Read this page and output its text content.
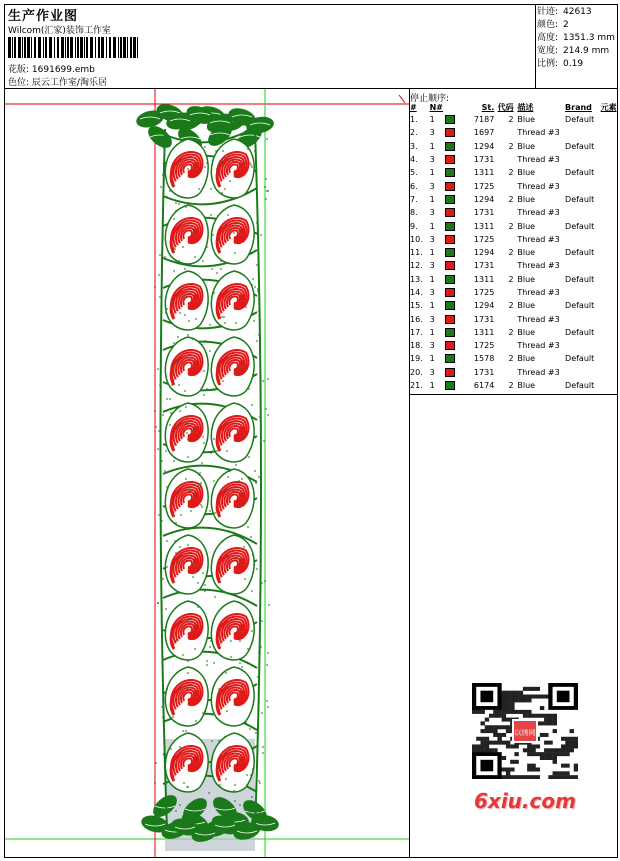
生产作业图
Wilcom(汇家)装饰工作室
花版: 1691699.emb
色位: 辰云工作室/淘乐居
针迹: 42613
颜色: 2
高度: 1351.3 mm
宽度: 214.9 mm
比例: 0.19
停止顺序:
#	N#		St.	代码		描述	Brand	元素
1.	1		7187	2		Blue	Default	
2.	3		1697			Thread #3		
3.	1		1294	2		Blue	Default	
4.	3		1731			Thread #3		
5.	1		1311	2		Blue	Default	
6.	3		1725			Thread #3		
7.	1		1294	2		Blue	Default	
8.	3		1731			Thread #3		
9.	1		1311	2		Blue	Default	
10.	3		1725			Thread #3		
11.	1		1294	2		Blue	Default	
12.	3		1731			Thread #3		
13.	1		1311	2		Blue	Default	
14.	3		1725			Thread #3		
15.	1		1294	2		Blue	Default	
16.	3		1731			Thread #3		
17.	1		1311	2		Blue	Default	
18.	3		1725			Thread #3		
19.	1		1578	2		Blue	Default	
20.	3		1731			Thread #3		
21.	1		6174	2		Blue	Default	
以绣网
6xiu.com
